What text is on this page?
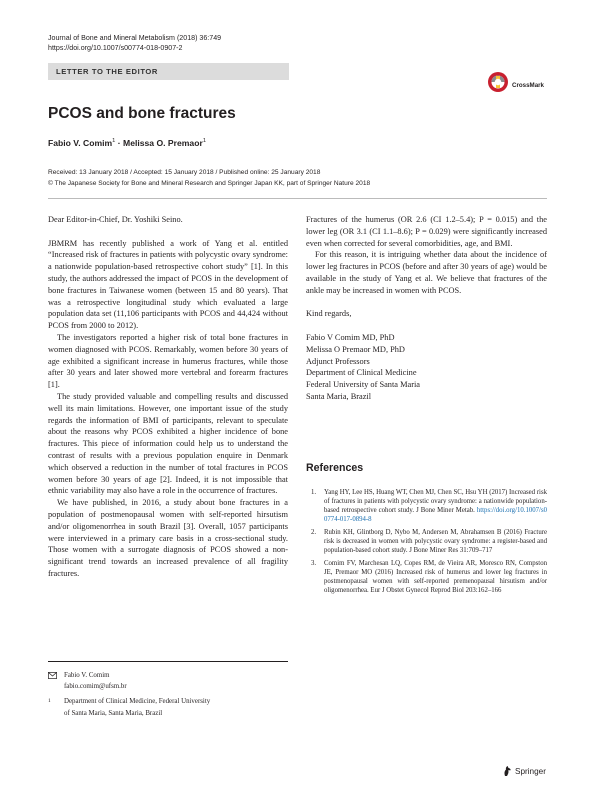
Journal of Bone and Mineral Metabolism (2018) 36:749
https://doi.org/10.1007/s00774-018-0907-2
LETTER TO THE EDITOR
CrossMark
PCOS and bone fractures
Fabio V. Comim$^1$ · Melissa O. Premaor$^1$
Received: 13 January 2018 / Accepted: 15 January 2018 / Published online: 25 January 2018
© The Japanese Society for Bone and Mineral Research and Springer Japan KK, part of Springer Nature 2018

Dear Editor-in-Chief, Dr. Yoshiki Seino.

JBMRM has recently published a work of Yang et al. entitled “Increased risk of fractures in patients with polycystic ovary syndrome: a nationwide population-based retrospective cohort study” [1]. In this study, the authors addressed the impact of PCOS in the development of bone fractures in Taiwanese women (between 15 and 80 years). That was a retrospective longitudinal study which evaluated a large population data set (11,106 participants with PCOS and 44,424 without PCOS from 2000 to 2012).

The investigators reported a higher risk of total bone fractures in women diagnosed with PCOS. Remarkably, women before 30 years of age exhibited a significant increase in humerus fractures, while those after 30 years and later showed more vertebral and forearm fractures [1].

The study provided valuable and compelling results and discussed well its main limitations. However, one important issue of the study regards the information of BMI of participants, relevant to speculate about the reasons why PCOS exhibited a higher incidence of bone fractures. This piece of information could help us to understand the contrast of results with a previous population enquire in Denmark which observed a reduction in the number of total fractures in PCOS women before 30 years of age [2]. Indeed, it is not impossible that ethnic variability may also have a role in the occurrence of fractures.

We have published, in 2016, a study about bone fractures in a population of postmenopausal women with self-reported hirsutism and/or oligomenorrhea in south Brazil [3]. Overall, 1057 participants were interviewed in a primary care basis in a cross-sectional study. Those women with a surrogate diagnosis of PCOS showed a non-significant trend towards an increased prevalence of all fragility fractures.

Fractures of the humerus (OR 2.6 (CI 1.2–5.4); P = 0.015) and the lower leg (OR 3.1 (CI 1.1–8.6); P = 0.029) were significantly increased even when corrected for several comorbidities, age, and BMI.

For this reason, it is intriguing whether data about the incidence of lower leg fractures in PCOS (before and after 30 years of age) would be available in the study of Yang et al. We believe that fractures of the ankle may be increased in women with PCOS.

Kind regards,

Fabio V Comim MD, PhD
Melissa O Premaor MD, PhD
Adjunct Professors
Department of Clinical Medicine
Federal University of Santa Maria
Santa Maria, Brazil
References
1.	Yang HY, Lee HS, Huang WT, Chen MJ, Chen SC, Hsu YH (2017) Increased risk of fractures in patients with polycystic ovary syndrome: a nationwide population-based retrospective cohort study. J Bone Miner Metab. https://doi.org/10.1007/s00774-017-0894-8
2.	Rubin KH, Glintborg D, Nybo M, Andersen M, Abrahamsen B (2016) Fracture risk is decreased in women with polycystic ovary syndrome: a register-based and population-based cohort study. J Bone Miner Res 31:709–717
3.	Comim FV, Marchesan LQ, Copes RM, de Vieira AR, Moresco RN, Compston JE, Premaor MO (2016) Increased risk of humerus and lower leg fractures in postmenopausal women with self-reported premenopausal hirsutism and/or oligomenorrhea. Eur J Obstet Gynecol Reprod Biol 203:162–166
Fabio V. Comim
fabio.comim@ufsm.br
$^1$	Department of Clinical Medicine, Federal University
of Santa Maria, Santa Maria, Brazil
Springer
